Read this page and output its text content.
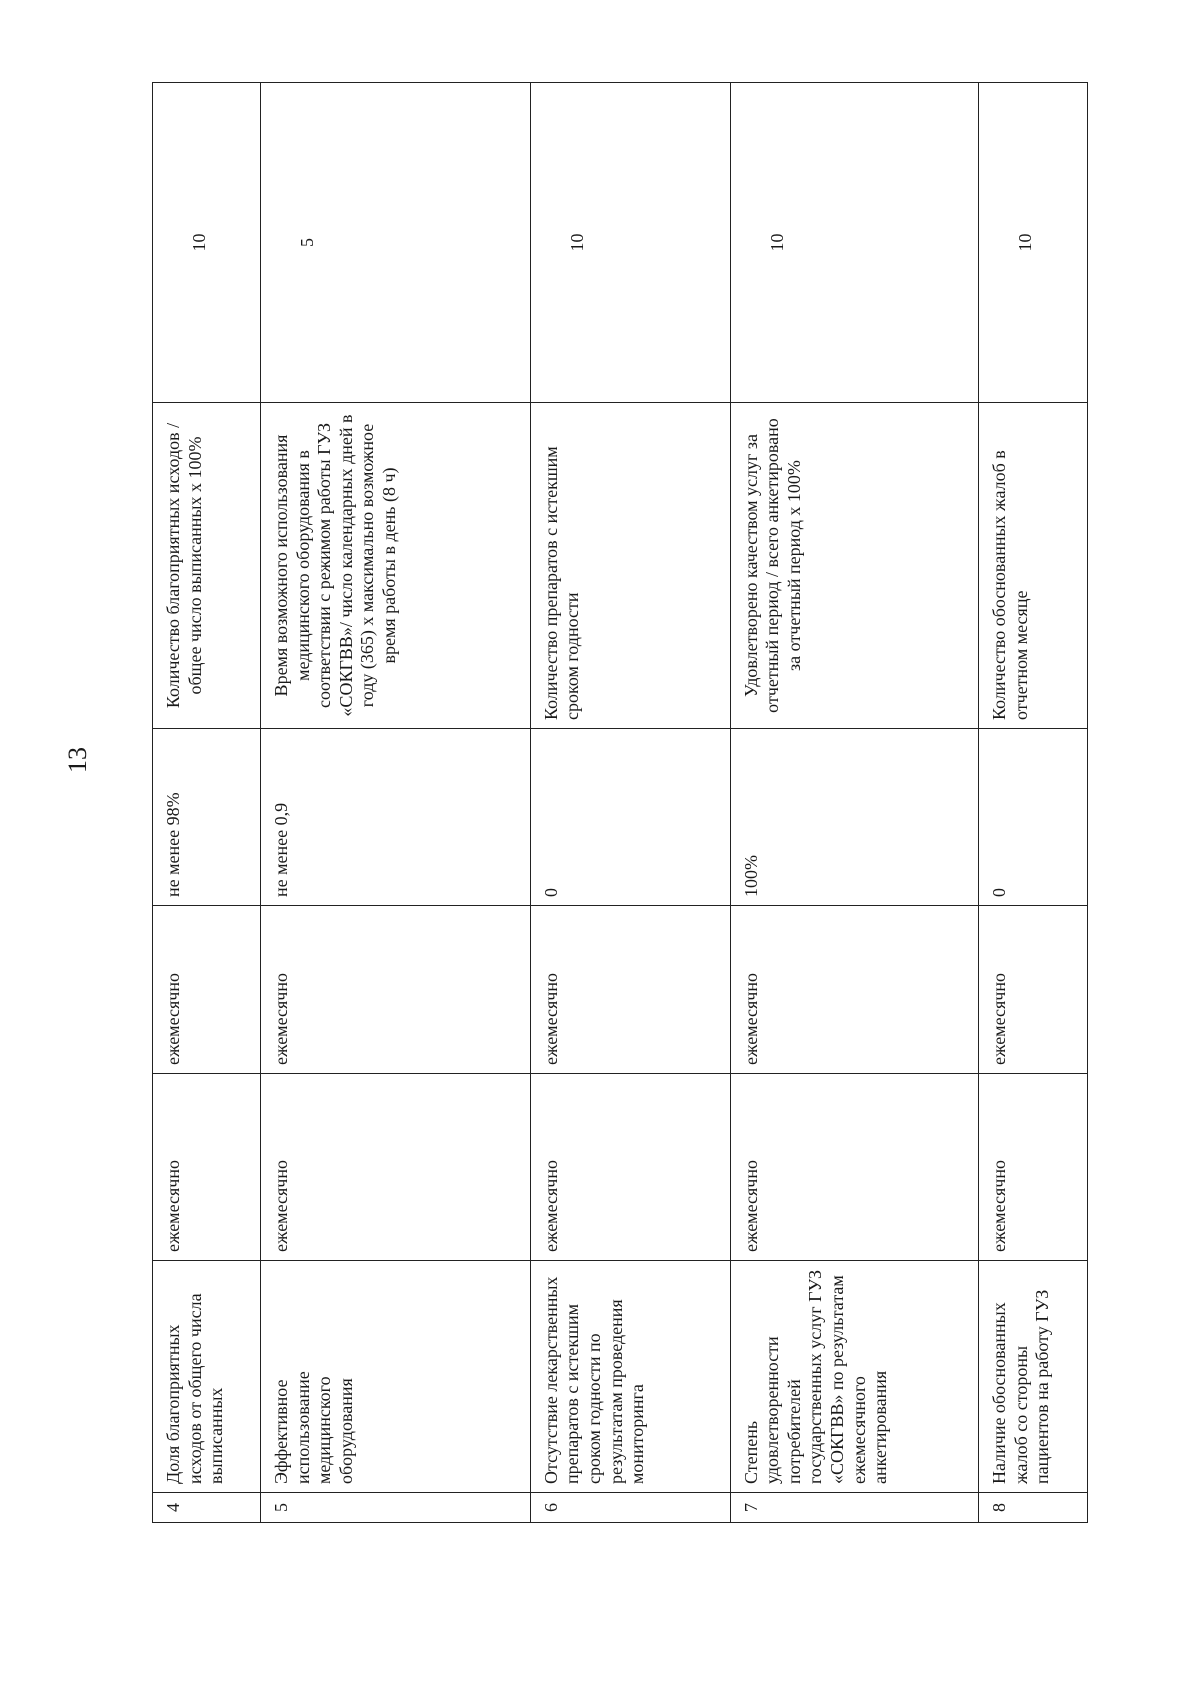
13
4	Доля благоприятных исходов от общего числа выписанных	ежемесячно	ежемесячно	не менее 98%	Количество благоприятных исходов / общее число выписанных х 100%	10
5	Эффективное использование медицинского оборудования	ежемесячно	ежемесячно	не менее 0,9	Время возможного использования медицинского оборудования в соответствии с режимом работы ГУЗ «СОКГВВ»/ число календарных дней в году (365) х максимально возможное время работы в день (8 ч)	5
6	Отсутствие лекарственных препаратов с истекшим сроком годности по результатам проведения мониторинга	ежемесячно	ежемесячно	0	Количество препаратов с истекшим сроком годности	10
7	Степень удовлетворенности потребителей государственных услуг ГУЗ «СОКГВВ» по результатам ежемесячного анкетирования	ежемесячно	ежемесячно	100%	Удовлетворено качеством услуг за отчетный период / всего анкетировано за отчетный период х 100%	10
8	Наличие обоснованных жалоб со стороны пациентов на работу ГУЗ	ежемесячно	ежемесячно	0	Количество обоснованных жалоб в отчетном месяце	10
